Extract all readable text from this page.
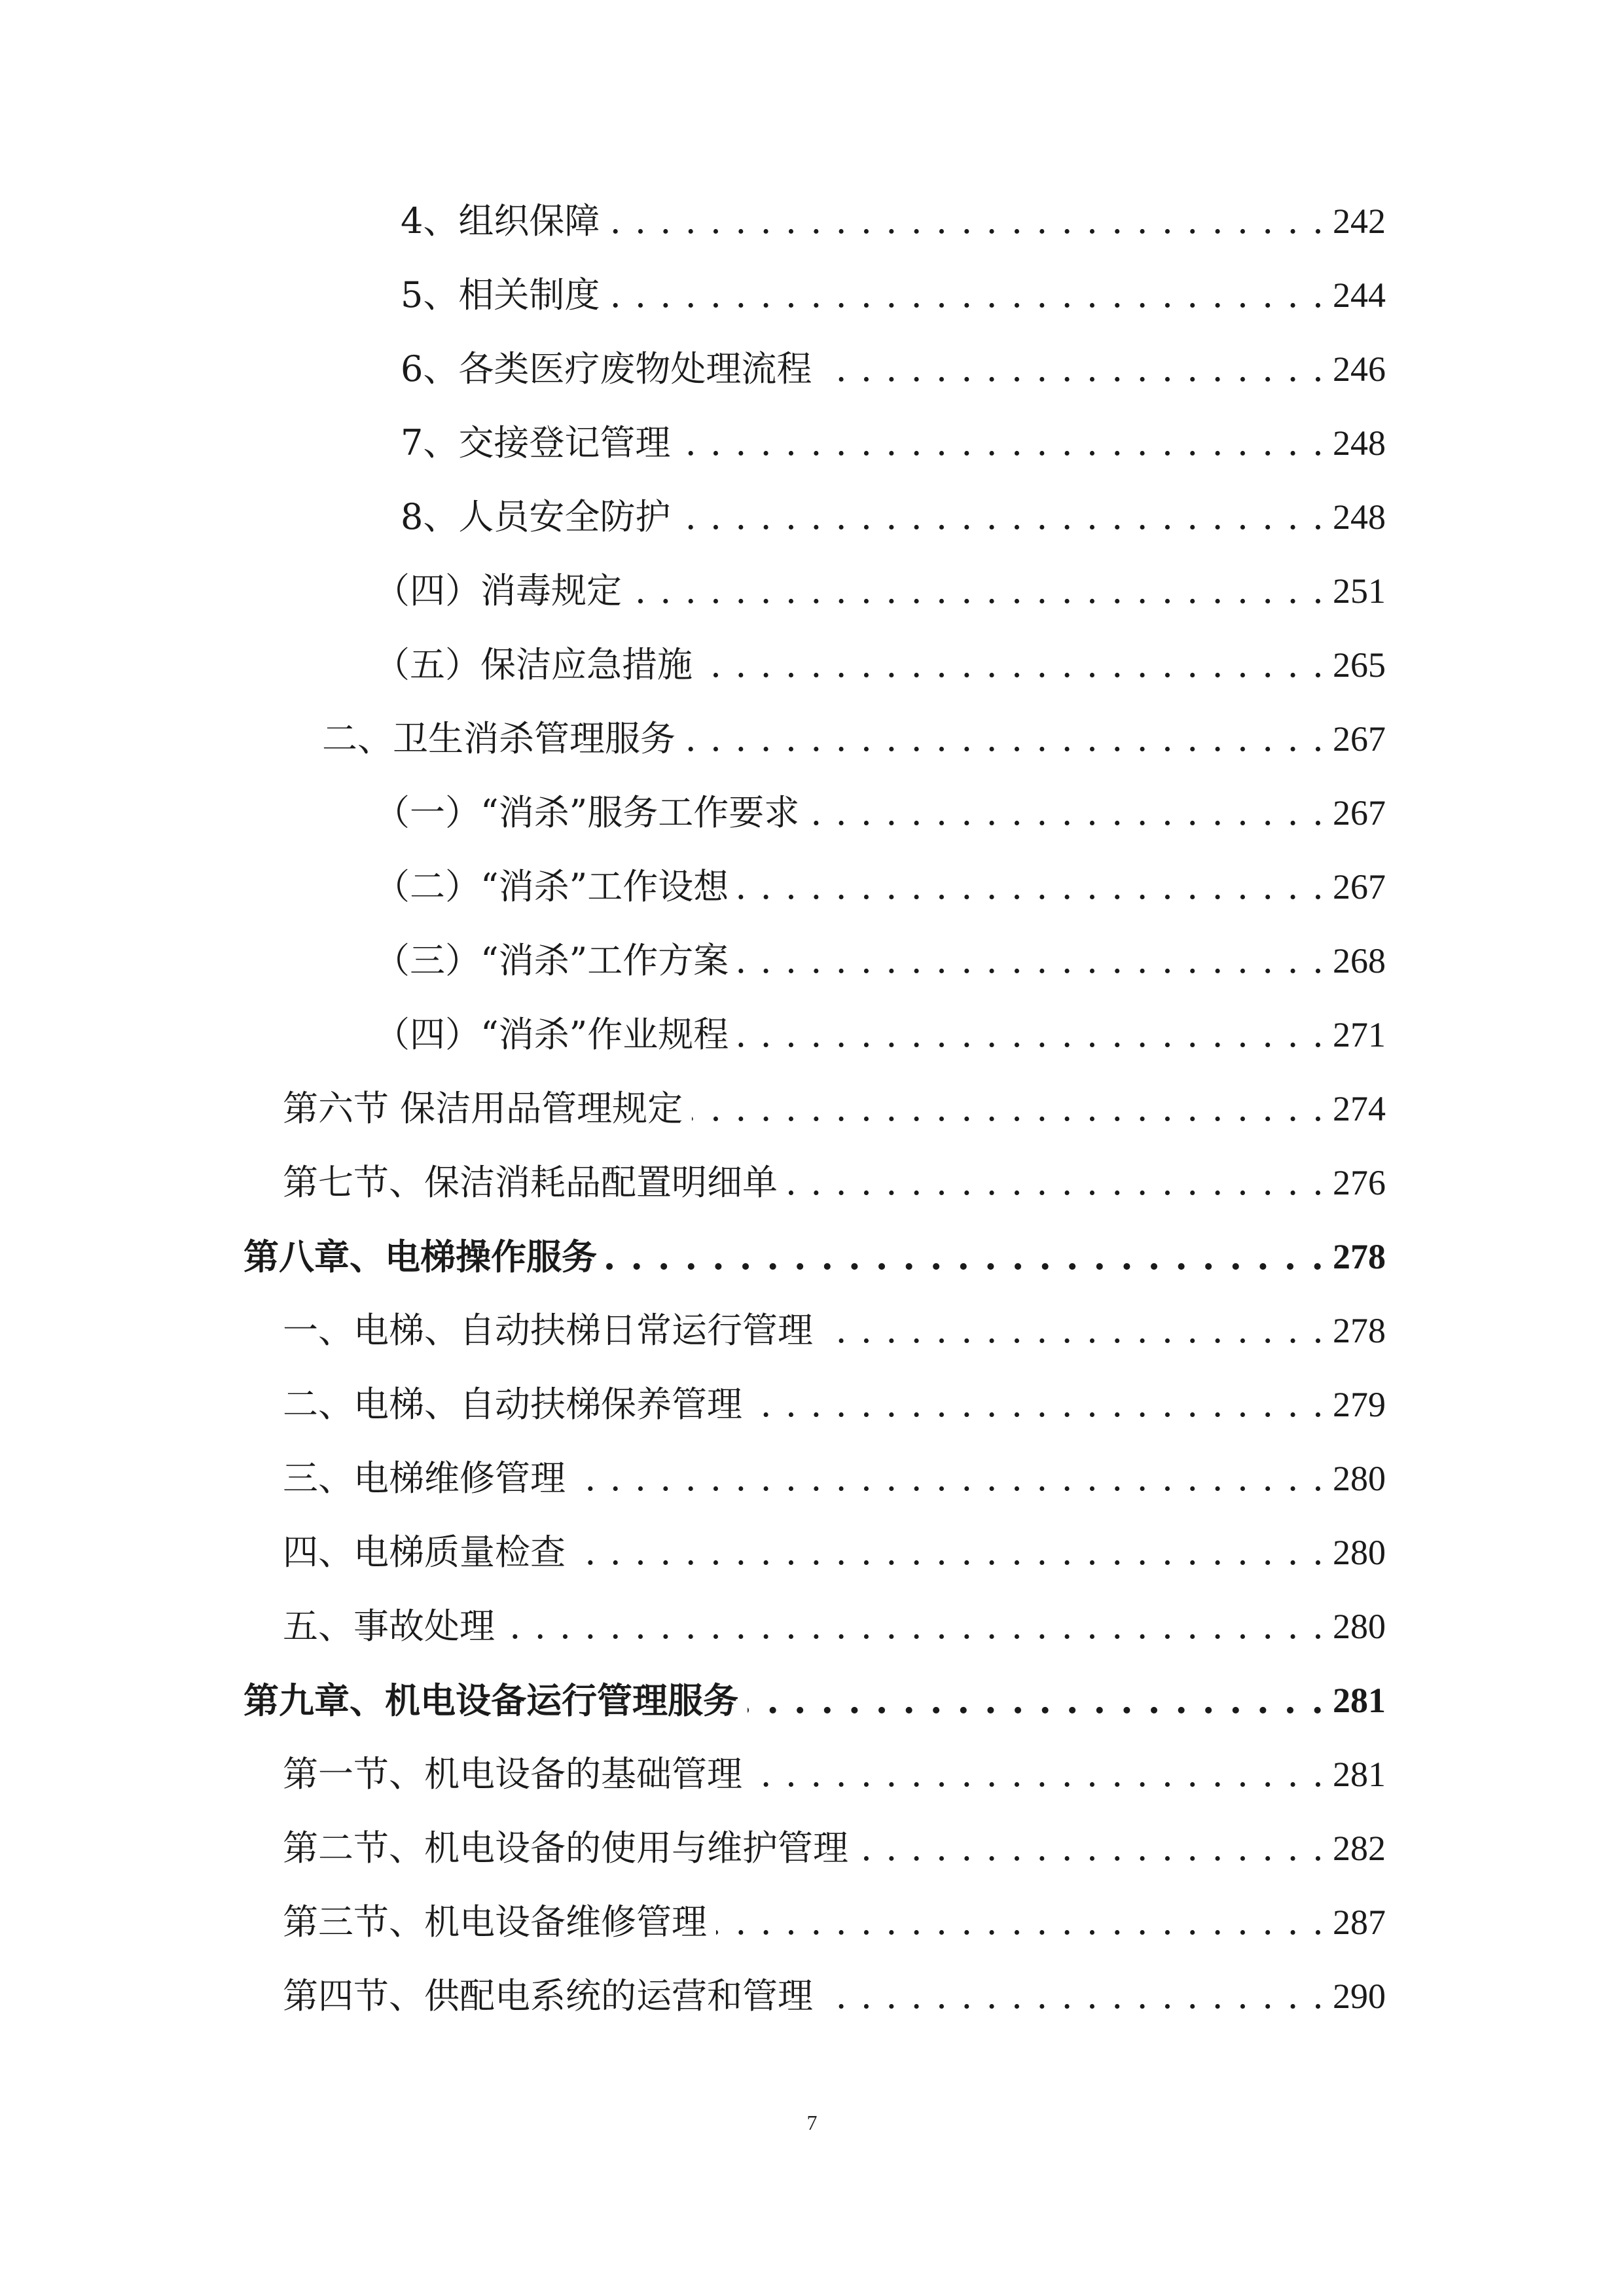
4、组织保障 . . .	242
5、相关制度 . . .	244
6、各类医疗废物处理流程 . . .	246
7、交接登记管理 . . .	248
8、人员安全防护 . . .	248
（四）消毒规定 . . .	251
（五）保洁应急措施 . . .	265
二、卫生消杀管理服务 . . .	267
（一）“消杀”服务工作要求 . . .	267
（二）“消杀”工作设想 . . .	267
（三）“消杀”工作方案 . . .	268
（四）“消杀”作业规程 . . .	271
第六节 保洁用品管理规定 . . .	274
第七节、保洁消耗品配置明细单 . . .	276
第八章、电梯操作服务 . . .	278
一、电梯、自动扶梯日常运行管理 . . .	278
二、电梯、自动扶梯保养管理 . . .	279
三、电梯维修管理 . . .	280
四、电梯质量检查 . . .	280
五、事故处理 . . .	280
第九章、机电设备运行管理服务 . . .	281
第一节、机电设备的基础管理 . . .	281
第二节、机电设备的使用与维护管理 . . .	282
第三节、机电设备维修管理 . . .	287
第四节、供配电系统的运营和管理 . . .	290
7
